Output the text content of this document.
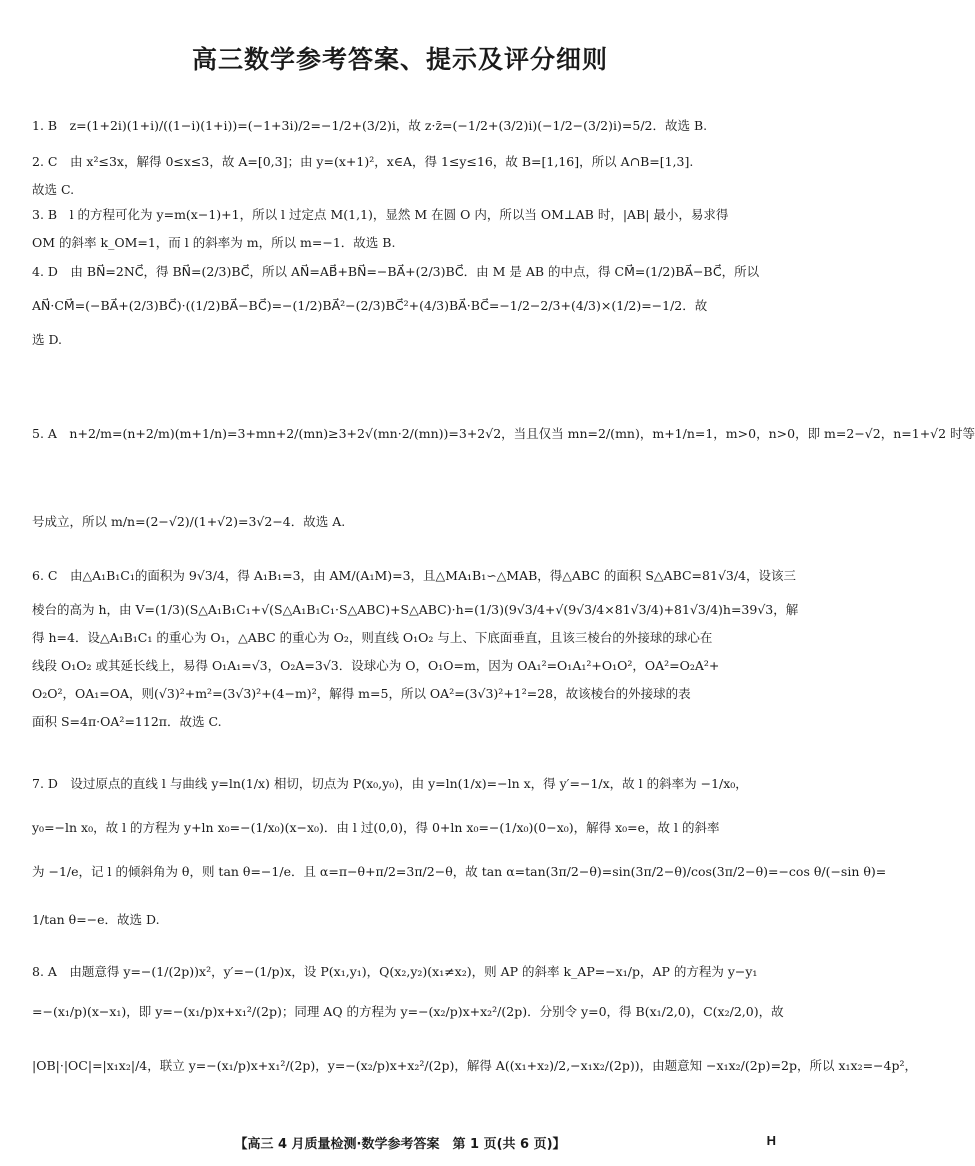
高三数学参考答案、提示及评分细则
1. B　z=(1+2i)(1+i)/((1−i)(1+i))=(−1+3i)/2=−1/2+(3/2)i，故 z·z̄=(−1/2+(3/2)i)(−1/2−(3/2)i)=5/2．故选 B.
2. C　由 x²≤3x，解得 0≤x≤3，故 A=[0,3]；由 y=(x+1)²，x∈A，得 1≤y≤16，故 B=[1,16]，所以 A∩B=[1,3].
故选 C.
3. B　l 的方程可化为 y=m(x−1)+1，所以 l 过定点 M(1,1)，显然 M 在圆 O 内，所以当 OM⊥AB 时，|AB| 最小，易求得
OM 的斜率 k_OM=1，而 l 的斜率为 m，所以 m=−1．故选 B.
4. D　由 BN⃗=2NC⃗，得 BN⃗=(2/3)BC⃗，所以 AN⃗=AB⃗+BN⃗=−BA⃗+(2/3)BC⃗．由 M 是 AB 的中点，得 CM⃗=(1/2)BA⃗−BC⃗，所以
AN⃗·CM⃗=(−BA⃗+(2/3)BC⃗)·((1/2)BA⃗−BC⃗)=−(1/2)BA⃗²−(2/3)BC⃗²+(4/3)BA⃗·BC⃗=−1/2−2/3+(4/3)×(1/2)=−1/2．故
选 D.
5. A　n+2/m=(n+2/m)(m+1/n)=3+mn+2/(mn)≥3+2√(mn·2/(mn))=3+2√2，当且仅当 mn=2/(mn)，m+1/n=1，m>0，n>0，即 m=2−√2，n=1+√2 时等
号成立，所以 m/n=(2−√2)/(1+√2)=3√2−4．故选 A.
6. C　由△A₁B₁C₁的面积为 9√3/4，得 A₁B₁=3，由 AM/(A₁M)=3，且△MA₁B₁∽△MAB，得△ABC 的面积 S△ABC=81√3/4，设该三
棱台的高为 h，由 V=(1/3)(S△A₁B₁C₁+√(S△A₁B₁C₁·S△ABC)+S△ABC)·h=(1/3)(9√3/4+√(9√3/4×81√3/4)+81√3/4)h=39√3，解
得 h=4．设△A₁B₁C₁ 的重心为 O₁，△ABC 的重心为 O₂，则直线 O₁O₂ 与上、下底面垂直，且该三棱台的外接球的球心在
线段 O₁O₂ 或其延长线上，易得 O₁A₁=√3，O₂A=3√3．设球心为 O，O₁O=m，因为 OA₁²=O₁A₁²+O₁O²，OA²=O₂A²+
O₂O²，OA₁=OA，则(√3)²+m²=(3√3)²+(4−m)²，解得 m=5，所以 OA²=(3√3)²+1²=28，故该棱台的外接球的表
面积 S=4π·OA²=112π．故选 C.
7. D　设过原点的直线 l 与曲线 y=ln(1/x) 相切，切点为 P(x₀,y₀)，由 y=ln(1/x)=−ln x，得 y′=−1/x，故 l 的斜率为 −1/x₀，
y₀=−ln x₀，故 l 的方程为 y+ln x₀=−(1/x₀)(x−x₀)．由 l 过(0,0)，得 0+ln x₀=−(1/x₀)(0−x₀)，解得 x₀=e，故 l 的斜率
为 −1/e，记 l 的倾斜角为 θ，则 tan θ=−1/e．且 α=π−θ+π/2=3π/2−θ，故 tan α=tan(3π/2−θ)=sin(3π/2−θ)/cos(3π/2−θ)=−cos θ/(−sin θ)=
1/tan θ=−e．故选 D.
8. A　由题意得 y=−(1/(2p))x²，y′=−(1/p)x，设 P(x₁,y₁)，Q(x₂,y₂)(x₁≠x₂)，则 AP 的斜率 k_AP=−x₁/p，AP 的方程为 y−y₁
=−(x₁/p)(x−x₁)，即 y=−(x₁/p)x+x₁²/(2p)；同理 AQ 的方程为 y=−(x₂/p)x+x₂²/(2p)．分别令 y=0，得 B(x₁/2,0)，C(x₂/2,0)，故
|OB|·|OC|=|x₁x₂|/4，联立 y=−(x₁/p)x+x₁²/(2p)，y=−(x₂/p)x+x₂²/(2p)，解得 A((x₁+x₂)/2,−x₁x₂/(2p))，由题意知 −x₁x₂/(2p)=2p，所以 x₁x₂=−4p²，
【高三 4 月质量检测·数学参考答案　第 1 页(共 6 页)】	H
